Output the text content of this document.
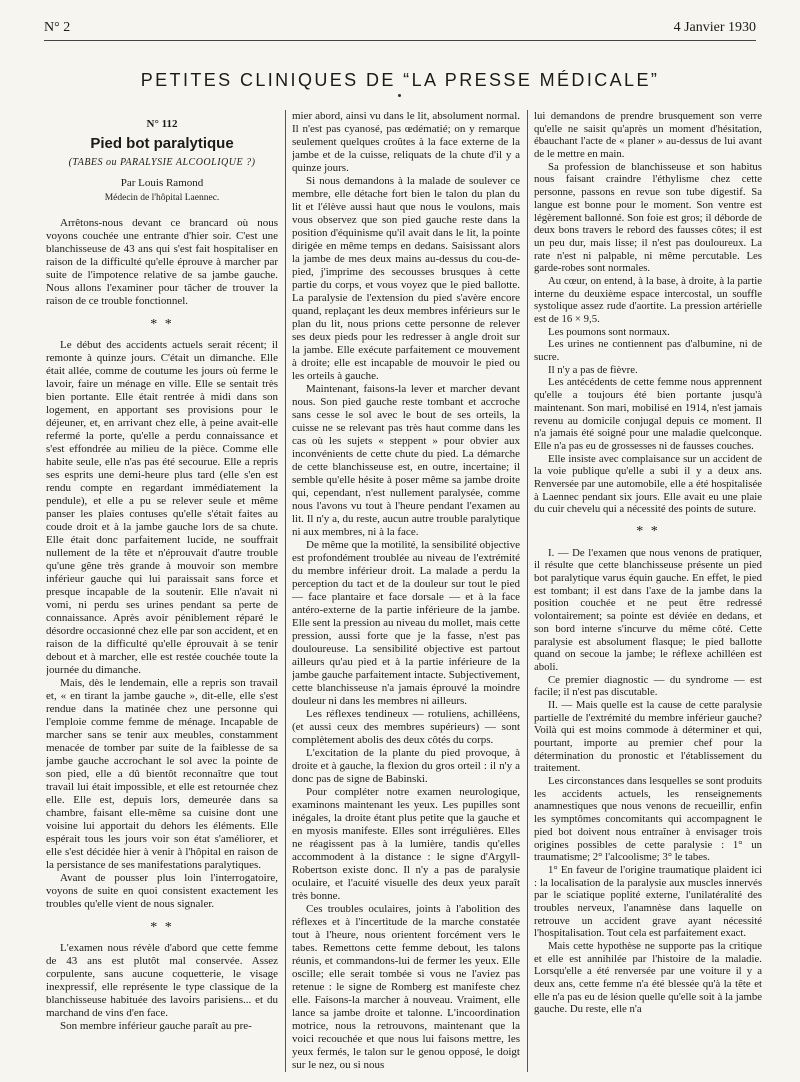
N° 2	4 Janvier 1930
PETITES CLINIQUES DE “LA PRESSE MÉDICALE”
N° 112
Pied bot paralytique
(TABES ou PARALYSIE ALCOOLIQUE ?)
Par Louis Ramond
Médecin de l'hôpital Laennec.

Arrêtons-nous devant ce brancard où nous voyons couchée une entrante d'hier soir. C'est une blanchisseuse de 43 ans qui s'est fait hospitaliser en raison de la difficulté qu'elle éprouve à marcher par suite de l'impotence relative de sa jambe gauche. Nous allons l'examiner pour tâcher de trouver la raison de ce trouble fonctionnel.

* *

Le début des accidents actuels serait récent; il remonte à quinze jours. C'était un dimanche. Elle était allée, comme de coutume les jours où ferme le lavoir, faire un ménage en ville. Elle se sentait très bien portante. Elle était rentrée à midi dans son logement, en apportant ses provisions pour le déjeuner, et, en arrivant chez elle, à peine avait-elle refermé la porte, qu'elle a perdu connaissance et s'est effondrée au milieu de la pièce. Comme elle habite seule, elle n'as pas été secourue. Elle a repris ses esprits une demi-heure plus tard (elle s'en est rendu compte en regardant immédiatement la pendule), et elle a pu se relever seule et même panser les plaies contuses qu'elle s'était faites au coude droit et à la jambe gauche lors de sa chute. Elle était donc parfaitement lucide, ne souffrait nullement de la tête et n'éprouvait d'autre trouble qu'une gêne très grande à mouvoir son membre inférieur gauche qui lui paraissait sans force et presque incapable de la soutenir. Elle n'avait ni vomi, ni perdu ses urines pendant sa perte de connaissance. Après avoir péniblement réparé le désordre occasionné chez elle par son accident, et en raison de la difficulté qu'elle éprouvait à se tenir debout et à marcher, elle est restée couchée toute la journée du dimanche.

Mais, dès le lendemain, elle a repris son travail et, « en tirant la jambe gauche », dit-elle, elle s'est rendue dans la matinée chez une personne qui l'emploie comme femme de ménage. Incapable de marcher sans se tenir aux meubles, constamment menacée de tomber par suite de la faiblesse de sa jambe gauche accrochant le sol avec la pointe de son pied, elle a dû bientôt reconnaître que tout travail lui était impossible, et elle est retournée chez elle. Elle est, depuis lors, demeurée dans sa chambre, faisant elle-même sa cuisine dont une voisine lui apportait du dehors les éléments. Elle espérait tous les jours voir son état s'améliorer, et elle s'est décidée hier à venir à l'hôpital en raison de la persistance de ses manifestations paralytiques.

Avant de pousser plus loin l'interrogatoire, voyons de suite en quoi consistent exactement les troubles qu'elle vient de nous signaler.

* *

L'examen nous révèle d'abord que cette femme de 43 ans est plutôt mal conservée. Assez corpulente, sans aucune coquetterie, le visage inexpressif, elle représente le type classique de la blanchisseuse habituée des lavoirs parisiens... et du marchand de vins d'en face.

Son membre inférieur gauche paraît au pre-

mier abord, ainsi vu dans le lit, absolument normal. Il n'est pas cyanosé, pas œdématié; on y remarque seulement quelques croûtes à la face externe de la jambe et de la cuisse, reliquats de la chute d'il y a quinze jours.

Si nous demandons à la malade de soulever ce membre, elle détache fort bien le talon du plan du lit et l'élève aussi haut que nous le voulons, mais vous observez que son pied gauche reste dans la position d'équinisme qu'il avait dans le lit, la pointe dirigée en même temps en dedans. Saisissant alors la jambe de mes deux mains au-dessus du cou-de-pied, j'imprime des secousses brusques à cette partie du corps, et vous voyez que le pied ballotte. La paralysie de l'extension du pied s'avère encore quand, replaçant les deux membres inférieurs sur le plan du lit, nous prions cette personne de relever ses deux pieds pour les redresser à angle droit sur la jambe. Elle exécute parfaitement ce mouvement à droite; elle est incapable de mouvoir le pied ou les orteils à gauche.

Maintenant, faisons-la lever et marcher devant nous. Son pied gauche reste tombant et accroche sans cesse le sol avec le bout de ses orteils, la cuisse ne se relevant pas très haut comme dans les cas où les sujets « steppent » pour obvier aux inconvénients de cette chute du pied. La démarche de cette blanchisseuse est, en outre, incertaine; il semble qu'elle hésite à poser même sa jambe droite qui, cependant, n'est nullement paralysée, comme nous l'avons vu tout à l'heure pendant l'examen au lit. Il n'y a, du reste, aucun autre trouble paralytique ni aux membres, ni à la face.

De même que la motilité, la sensibilité objective est profondément troublée au niveau de l'extrémité du membre inférieur droit. La malade a perdu la perception du tact et de la douleur sur tout le pied — face plantaire et face dorsale — et à la face antéro-externe de la partie inférieure de la jambe. Elle sent la pression au niveau du mollet, mais cette pression, aussi forte que je la fasse, n'est pas douloureuse. La sensibilité objective est partout ailleurs qu'au pied et à la partie inférieure de la jambe gauche parfaitement intacte. Subjectivement, cette blanchisseuse n'a jamais éprouvé la moindre douleur ni dans les membres ni ailleurs.

Les réflexes tendineux — rotuliens, achilléens, (et aussi ceux des membres supérieurs) — sont complètement abolis des deux côtés du corps.

L'excitation de la plante du pied provoque, à droite et à gauche, la flexion du gros orteil : il n'y a donc pas de signe de Babinski.

Pour compléter notre examen neurologique, examinons maintenant les yeux. Les pupilles sont inégales, la droite étant plus petite que la gauche et en myosis manifeste. Elles sont irrégulières. Elles ne réagissent pas à la lumière, tandis qu'elles accommodent à la distance : le signe d'Argyll-Robertson existe donc. Il n'y a pas de paralysie oculaire, et l'acuité visuelle des deux yeux paraît très bonne.

Ces troubles oculaires, joints à l'abolition des réflexes et à l'incertitude de la marche constatée tout à l'heure, nous orientent forcément vers le tabes. Remettons cette femme debout, les talons réunis, et commandons-lui de fermer les yeux. Elle oscille; elle serait tombée si vous ne l'aviez pas retenue : le signe de Romberg est manifeste chez elle. Faisons-la marcher à nouveau. Vraiment, elle lance sa jambe droite et talonne. L'incoordination motrice, nous la retrouvons, maintenant que la voici recouchée et que nous lui faisons mettre, les yeux fermés, le talon sur le genou opposé, le doigt sur le nez, ou si nous

lui demandons de prendre brusquement son verre qu'elle ne saisit qu'après un moment d'hésitation, ébauchant l'acte de « planer » au-dessus de lui avant de le mettre en main.

Sa profession de blanchisseuse et son habitus nous faisant craindre l'éthylisme chez cette personne, passons en revue son tube digestif. Sa langue est bonne pour le moment. Son ventre est légèrement ballonné. Son foie est gros; il déborde de deux bons travers le rebord des fausses côtes; il est un peu dur, mais lisse; il n'est pas douloureux. La rate n'est ni palpable, ni même percutable. Les garde-robes sont normales.

Au cœur, on entend, à la base, à droite, à la partie interne du deuxième espace intercostal, un souffle systolique assez rude d'aortite. La pression artérielle est de 16 × 9,5.

Les poumons sont normaux.

Les urines ne contiennent pas d'albumine, ni de sucre.

Il n'y a pas de fièvre.

Les antécédents de cette femme nous apprennent qu'elle a toujours été bien portante jusqu'à maintenant. Son mari, mobilisé en 1914, n'est jamais revenu au domicile conjugal depuis ce moment. Il n'a jamais été soigné pour une maladie quelconque. Elle n'a pas eu de grossesses ni de fausses couches.

Elle insiste avec complaisance sur un accident de la voie publique qu'elle a subi il y a deux ans. Renversée par une automobile, elle a été hospitalisée à Laennec pendant six jours. Elle avait eu une plaie du cuir chevelu qui a nécessité des points de suture.

* *

I. — De l'examen que nous venons de pratiquer, il résulte que cette blanchisseuse présente un pied bot paralytique varus équin gauche. En effet, le pied est tombant; il est dans l'axe de la jambe dans la position couchée et ne peut être redressé volontairement; sa pointe est déviée en dedans, et son bord interne s'incurve du même côté. Cette paralysie est absolument flasque; le pied ballotte quand on secoue la jambe; le réflexe achilléen est aboli.

Ce premier diagnostic — du syndrome — est facile; il n'est pas discutable.

II. — Mais quelle est la cause de cette paralysie partielle de l'extrémité du membre inférieur gauche? Voilà qui est moins commode à déterminer et qui, pourtant, importe au premier chef pour la détermination du pronostic et l'établissement du traitement.

Les circonstances dans lesquelles se sont produits les accidents actuels, les renseignements anamnestiques que nous venons de recueillir, enfin les symptômes concomitants qui accompagnent le pied bot doivent nous entraîner à envisager trois origines possibles de cette paralysie : 1° un traumatisme; 2° l'alcoolisme; 3° le tabes.

1° En faveur de l'origine traumatique plaident ici : la localisation de la paralysie aux muscles innervés par le sciatique poplité externe, l'unilatéralité des troubles nerveux, l'anamnèse dans laquelle on retrouve un accident grave ayant nécessité l'hospitalisation. Tout cela est parfaitement exact.

Mais cette hypothèse ne supporte pas la critique et elle est annihilée par l'histoire de la maladie. Lorsqu'elle a été renversée par une voiture il y a deux ans, cette femme n'a été blessée qu'à la tête et elle n'a pas eu de lésion quelle qu'elle soit à la jambe gauche. Du reste, elle n'a
